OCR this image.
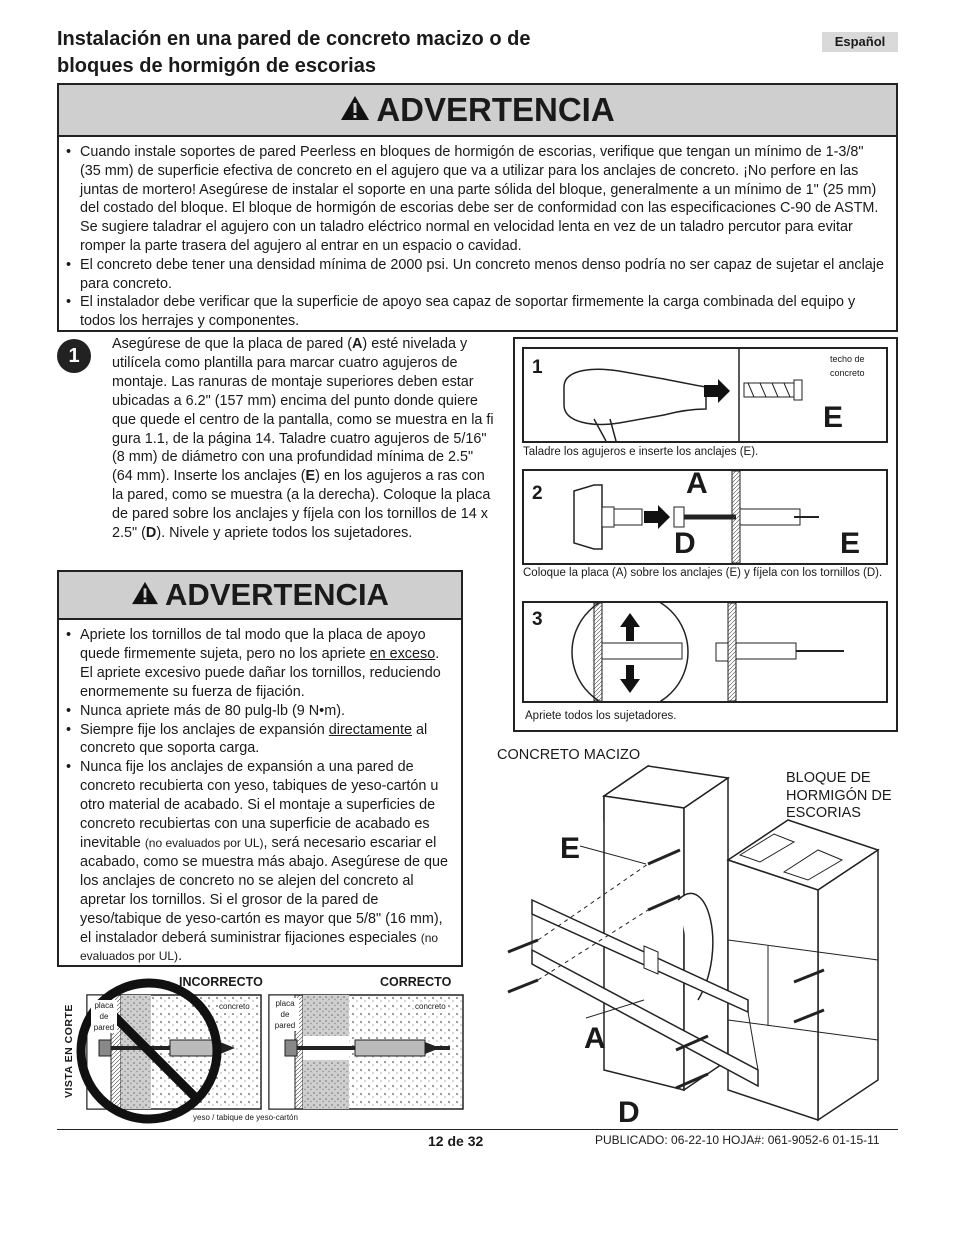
Instalación en una pared de concreto macizo o de
bloques de hormigón de escorias
Español
ADVERTENCIA
• Cuando instale soportes de pared Peerless en bloques de hormigón de escorias, verifique que tengan un mínimo de 1-3/8" (35 mm) de superficie efectiva de concreto en el agujero que va a utilizar para los anclajes de concreto. ¡No perfore en las juntas de mortero! Asegúrese de instalar el soporte en una parte sólida del bloque, generalmente a un mínimo de 1" (25 mm) del costado del bloque. El bloque de hormigón de escorias debe ser de conformidad con las especificaciones C-90 de ASTM. Se sugiere taladrar el agujero con un taladro eléctrico normal en velocidad lenta en vez de un taladro percutor para evitar romper la parte trasera del agujero al entrar en un espacio o cavidad.
• El concreto debe tener una densidad mínima de 2000 psi. Un concreto menos denso podría no ser capaz de sujetar el anclaje para concreto.
• El instalador debe verificar que la superficie de apoyo sea capaz de soportar firmemente la carga combinada del equipo y todos los herrajes y componentes.
1
Asegúrese de que la placa de pared (A) esté nivelada y utilícela como plantilla para marcar cuatro agujeros de montaje. Las ranuras de montaje superiores deben estar ubicadas a 6.2" (157 mm) encima del punto donde quiere que quede el centro de la pantalla, como se muestra en la fi gura 1.1, de la página 14. Taladre cuatro agujeros de 5/16" (8 mm) de diámetro con una profundidad mínima de 2.5" (64 mm). Inserte los anclajes (E) en los agujeros a ras con la pared, como se muestra (a la derecha). Coloque la placa de pared sobre los anclajes y fíjela con los tornillos de 14 x 2.5" (D). Nivele y apriete todos los sujetadores.
ADVERTENCIA
• Apriete los tornillos de tal modo que la placa de apoyo quede firmemente sujeta, pero no los apriete en exceso. El apriete excesivo puede dañar los tornillos, reduciendo enormemente su fuerza de fijación.
• Nunca apriete más de 80 pulg-lb (9 N•m).
• Siempre fije los anclajes de expansión directamente al concreto que soporta carga.
• Nunca fije los anclajes de expansión a una pared de concreto recubierta con yeso, tabiques de yeso-cartón u otro material de acabado. Si el montaje a superficies de concreto recubiertas con una superficie de acabado es inevitable (no evaluados por UL), será necesario escariar el acabado, como se muestra más abajo. Asegúrese de que los anclajes de concreto no se alejen del concreto al apretar los tornillos. Si el grosor de la pared de yeso/tabique de yeso-cartón es mayor que 5/8" (16 mm), el instalador deberá suministrar fijaciones especiales (no evaluados por UL).
VISTA EN CORTE
INCORRECTO	CORRECTO
placa de pared
concreto	placa de pared
concreto
yeso / tabique de yeso-cartón
1	techo de concreto
E
Taladre los agujeros e inserte los anclajes (E).
2	A
D	E
Coloque la placa (A) sobre los anclajes (E) y fíjela con los tornillos (D).
3
Apriete todos los sujetadores.
CONCRETO MACIZO
BLOQUE DE HORMIGÓN DE ESCORIAS
E
A
D
12 de 32	PUBLICADO: 06-22-10 HOJA#: 061-9052-6 01-15-11
